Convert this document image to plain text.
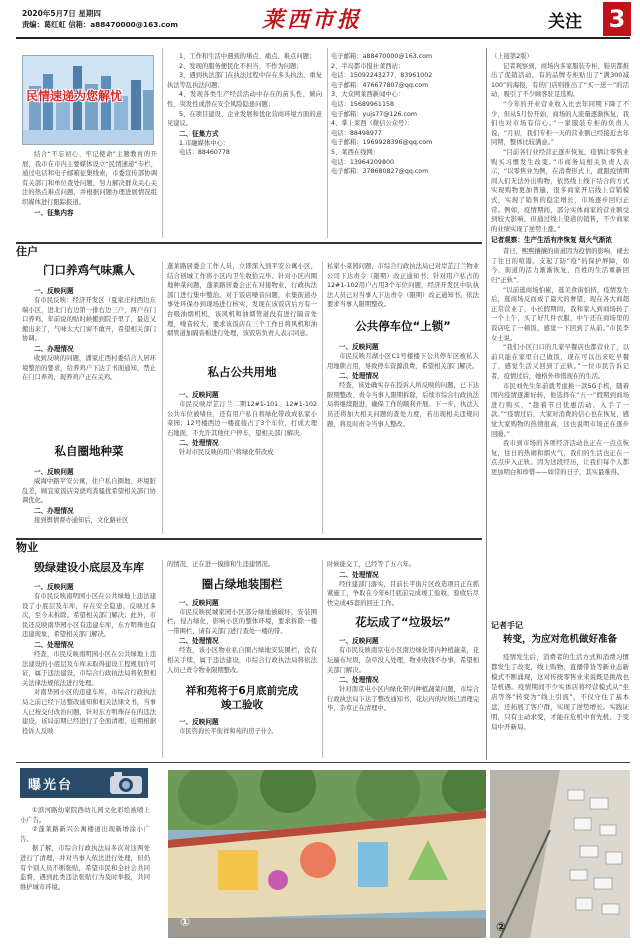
2020年5月7日 星期四
责编：葛红虹 信箱：a88470000@163.com	莱西市报	关注 3
民情速递为您解忧

结合“不忘初心、牢记使命”主题教育的开展，我市在市内主要媒体设立“民情速递”专栏，通过电话和电子邮箱征集线索，市委宣传部协调有关部门和单位查处问题，努力解决群众关心关注的热点难点问题，并根据问题办理进展情况组织媒体进行跟踪报道。

一、征集内容

1、工作和生活中遇到的堵点、痛点、难点问题；

2、发现的服务便民化不担当、不作为问题；

3、遇到执法部门在执法过程中存在多头执法、重复执法等乱执法问题；

4、发现各类生产经营活动中存在的苗头性、倾向性、突发性或潜在安全风险隐患问题；

5、在项目建设、企业发展和优化营商环境方面的意见建议。

二、征集方式

1.市融媒体中心：

电话：88460778

电子邮箱：a88470000@163.com

2、半岛都市报社莱西站：

电话：15092243277、83961002

电子邮箱：476677807@qq.com

3、大众网莱西新闻中心：

电话：15689961158

电子邮箱：yujs77@126.com

4、掌上莱西（微信公众号）：

电话：88498977

电子邮箱：1969928396@qq.com

5、莱西在线网：

电话：13964209800

电子邮箱：378680827@qq.com

住户
门口养鸡气味熏人
一、反映问题

有市民反映：经济开发区（夏家庄村西边东端小区，进北门右边第一排右边三户，两户在门口养鸡，年前说的贴时候搬到院子里了，最近又搬出来了，气味太大门窗不敢开，希望相关部门协调。

二、办理情况

收到反映的问题，潘家庄西村委结合人居环境整治的要求，给养鸡户下达了书面通知，禁止在门口养鸡，现养鸡户正在关鸡。

私自圈地种菜
一、反映问题

威海中路平安公寓，住户私自圈地、环境脏乱差，顾宜家饭店旁烧鸡粪骚扰希望相关部门协调优化。

二、办理情况

接到舆情督办通知后，文化路社区

蓬莱路居委会工作人员，立即深入到平安公寓小区，结合创城工作将小区内卫生收拾完毕。针对小区内圈地种菜问题，蓬莱路居委会正在对接物业，行政执法部门进行集中整治。对于饭店噪音问题，水集街道办事处环保办到现场进行核实，发现在该饭店后方有一台吸油烟机机，该风机和油烟管道没有进行隔音处理，噪音较大，要求该饭店在三个工作日将风机和油烟管道加隔音棉进行处理，该饭店负责人表示同意。

私占公共用地
一、反映问题

市民反映岸芷汀兰二期12#1-101、12#1-102公共车位被堵住，还有用户私自将绿化带改成私家小菜园；12号楼西边一楼直接占了3个车位，打成大理石地面，不允许其他住户停车，望相关部门解决。

二、处理情况

针对市民反映的用户将绿化带改成

私家小菜园问题，市综合行政执法局已对岸芷汀兰物业公司下达责令（限期）改正通知书；针对用户私占的12#1-102用户占用3个车位问题，经济开发区中队执法人员已对当事人下达责令（限期）改正通知书，依法要求当事人限期整改。

公共停车位“上锁”
一、反映问题

市民反映月湖小区C1号楼楼下公共停车区被私人用地锁占用，导致停车资源浪费，希望相关部门解决。

二、处理情况

经查，该处确实存在投诉人所反映的问题，已下达限期整改、责令当事人限期拆除，后续市综合行政执法局将继续跟进，确保工作的顺利开展。下一步，执法人员还将加大相关问题的查处力度，若出现相关违规问题，将及时责令当事人整改。

物业
毁绿建设小底层及车库
一、反映问题

有市民反映南明园小区在公共绿地上违法建设了小底层及车库，存在安全隐患，反映过多次，至今未拆除。希望相关部门解决；此外，市民还反映南华园小区有违建车库，东方明珠也有违建现象，希望相关部门解决。

二、处理情况

经查，市民反映南明园小区在公共绿地上违法建设的小底层及车库未取得建设工程规划许可证，属于违法建设，市综合行政执法局将依照相关法律法规依法进行处理。

对南华园小区的违建车库，市综合行政执法局之前已经下达整改通知和相关法律文书，当事人已按交付改治问题，针对东方明珠存在的违法建设，该局前期已经进行了全面清理，近期根据投诉人反映

的情况，正在进一摸排和生违建情况。

圈占绿地装围栏
一、反映问题

市民反映民城家园小区部分绿地被破坏，安装围栏，侵占绿化，影响小区的整体环境，要求拆除一楼一带围栏，请有关部门进行查处一楼的带。

二、处理情况

经查，该小区物业私自圈占绿地安装围栏，没有相关手续，属于违法建设，市综合行政执法局将依法人员已责令物业限期整改。

祥和苑将于6月底前完成竣工验收
一、反映问题

市民咨询长平街祥和苑的房子什么

时候能交工，已经等了五六年。

二、处理情况

经住建部门落实，目前长平街片区改造项目正在抓紧施工，争取在今年6月底前完成竣工验收，验收后尽快完成45套的回迁工作。

花坛成了“垃圾坛”
一、反映问题

有市民反映南京屯小区南边绿化带内种植蔬菜，花坛遍布垃圾，杂草没人处理，物业收钱不办事，希望相关部门解决。

二、处理情况

针对南京屯小区内绿化带内种植蔬菜问题，市综合行政执法局下达了整改通知书，花坛内的垃圾已清理完毕，杂草正在清理中。

（上接第2版）

记者观察到，商场内多家服装专柜、鞋店都推出了促销活动，有的品牌专柜贴出了“满300减100”的海报，有的门店则推出了“买一送一”的活动，吸引了不少顾客驻足选购。

“今年的开业营业收入比去年同期下降了不少，但从5月份开始，商场的人流量逐渐恢复，我们也对市场有信心。”一家服装专柜的负责人说，“月初，我们专柜一天的营业额已经接近去年同期，整体比较满意。”

“目前各行业经营正逐步恢复，疫情让零售业购买习惯发生改变。”市商务局相关负责人表示，“以零售业为例，在消费形式上，就跟疫情期间人们无法外出购物，依然线上线下结合的方式实现购物更加普遍，很多商家开启线上营销模式，实现了销售的稳定增长，市场逐步回归正常。例如，疫情期间，部分实体商家的营业额受到较大影响，但通过线上渠道的销售，不少商家的业绩实现了逆势上涨。”

记者观察：生产生活有序恢复 烟火气渐浓

昔日，熙熙攘攘的街道因为疫情的影响，褪去了往日的喧嚣。支起了防“疫”的保护屏障，如今，街道的活力渐渐恢复，百姓的生活重新回归“正轨”。

“以前逛商场怕累，逛美食街怕挤，疫情发生后，逛商场反而成了最大的奢望，现在各大商超正常营业了，小长假期间，我和家人到商场转了一个上午，买了好几件衣服，中午还在商场里的饭店吃了一顿饭，感觉一下回到了从前。”市民李女士说。

“我们小区门口的几家早餐店也都营业了，以前只能在家里自己做饭，现在可以出来吃早餐了，感觉生活又回到了正轨。”一位市民告诉记者，疫情过后，她格外珍惜现在的生活。

市民刘先生年前就考虑换一款5G手机，随着国内疫情逐渐好转，他选择在“五一”假期到商场进行购买，“趁着节日优惠活动，入手了一款。”“疫情过后，大家对消费的信心也在恢复，感觉大家购物的热情很高，这也说明市场正在逐步回暖。”

我市到市场的各项经济活动也正在一点点恢复，往日的热闹和烟火气，我们的生活也正在一点点步入正轨。因为这段经历，让我们每个人都更加明白和珍惜——如常的日子，其实最难得。

记者手记
转变，为应对危机做好准备

疫情发生后，消费者的生活方式和消费习惯都发生了改变，线上购物、直播带货等新业态新模式不断涌现，这对传统零售业来说既是挑战也是机遇。疫情期间不少实体店将经营模式从“坐店等客”转变为“线上引流”，不仅守住了基本盘，还拓展了客户群，实现了逆势增长。实践证明，只有主动求变，才能在危机中育先机、于变局中开新局。

曝光台

①滨河路幼家院西幼儿园文化彩绘被喷上小广告。

②蓬莱路新兴公寓楼道出现新增涂小广告。

据了解，市综合行政执法局多次对这两处进行了清理，并对当事人依法进行处理，但仍有个别人员不断张贴，希望市民和全社会共同监督，遇到此类违法张贴行为及时举报，共同维护城市环境。

①	②
